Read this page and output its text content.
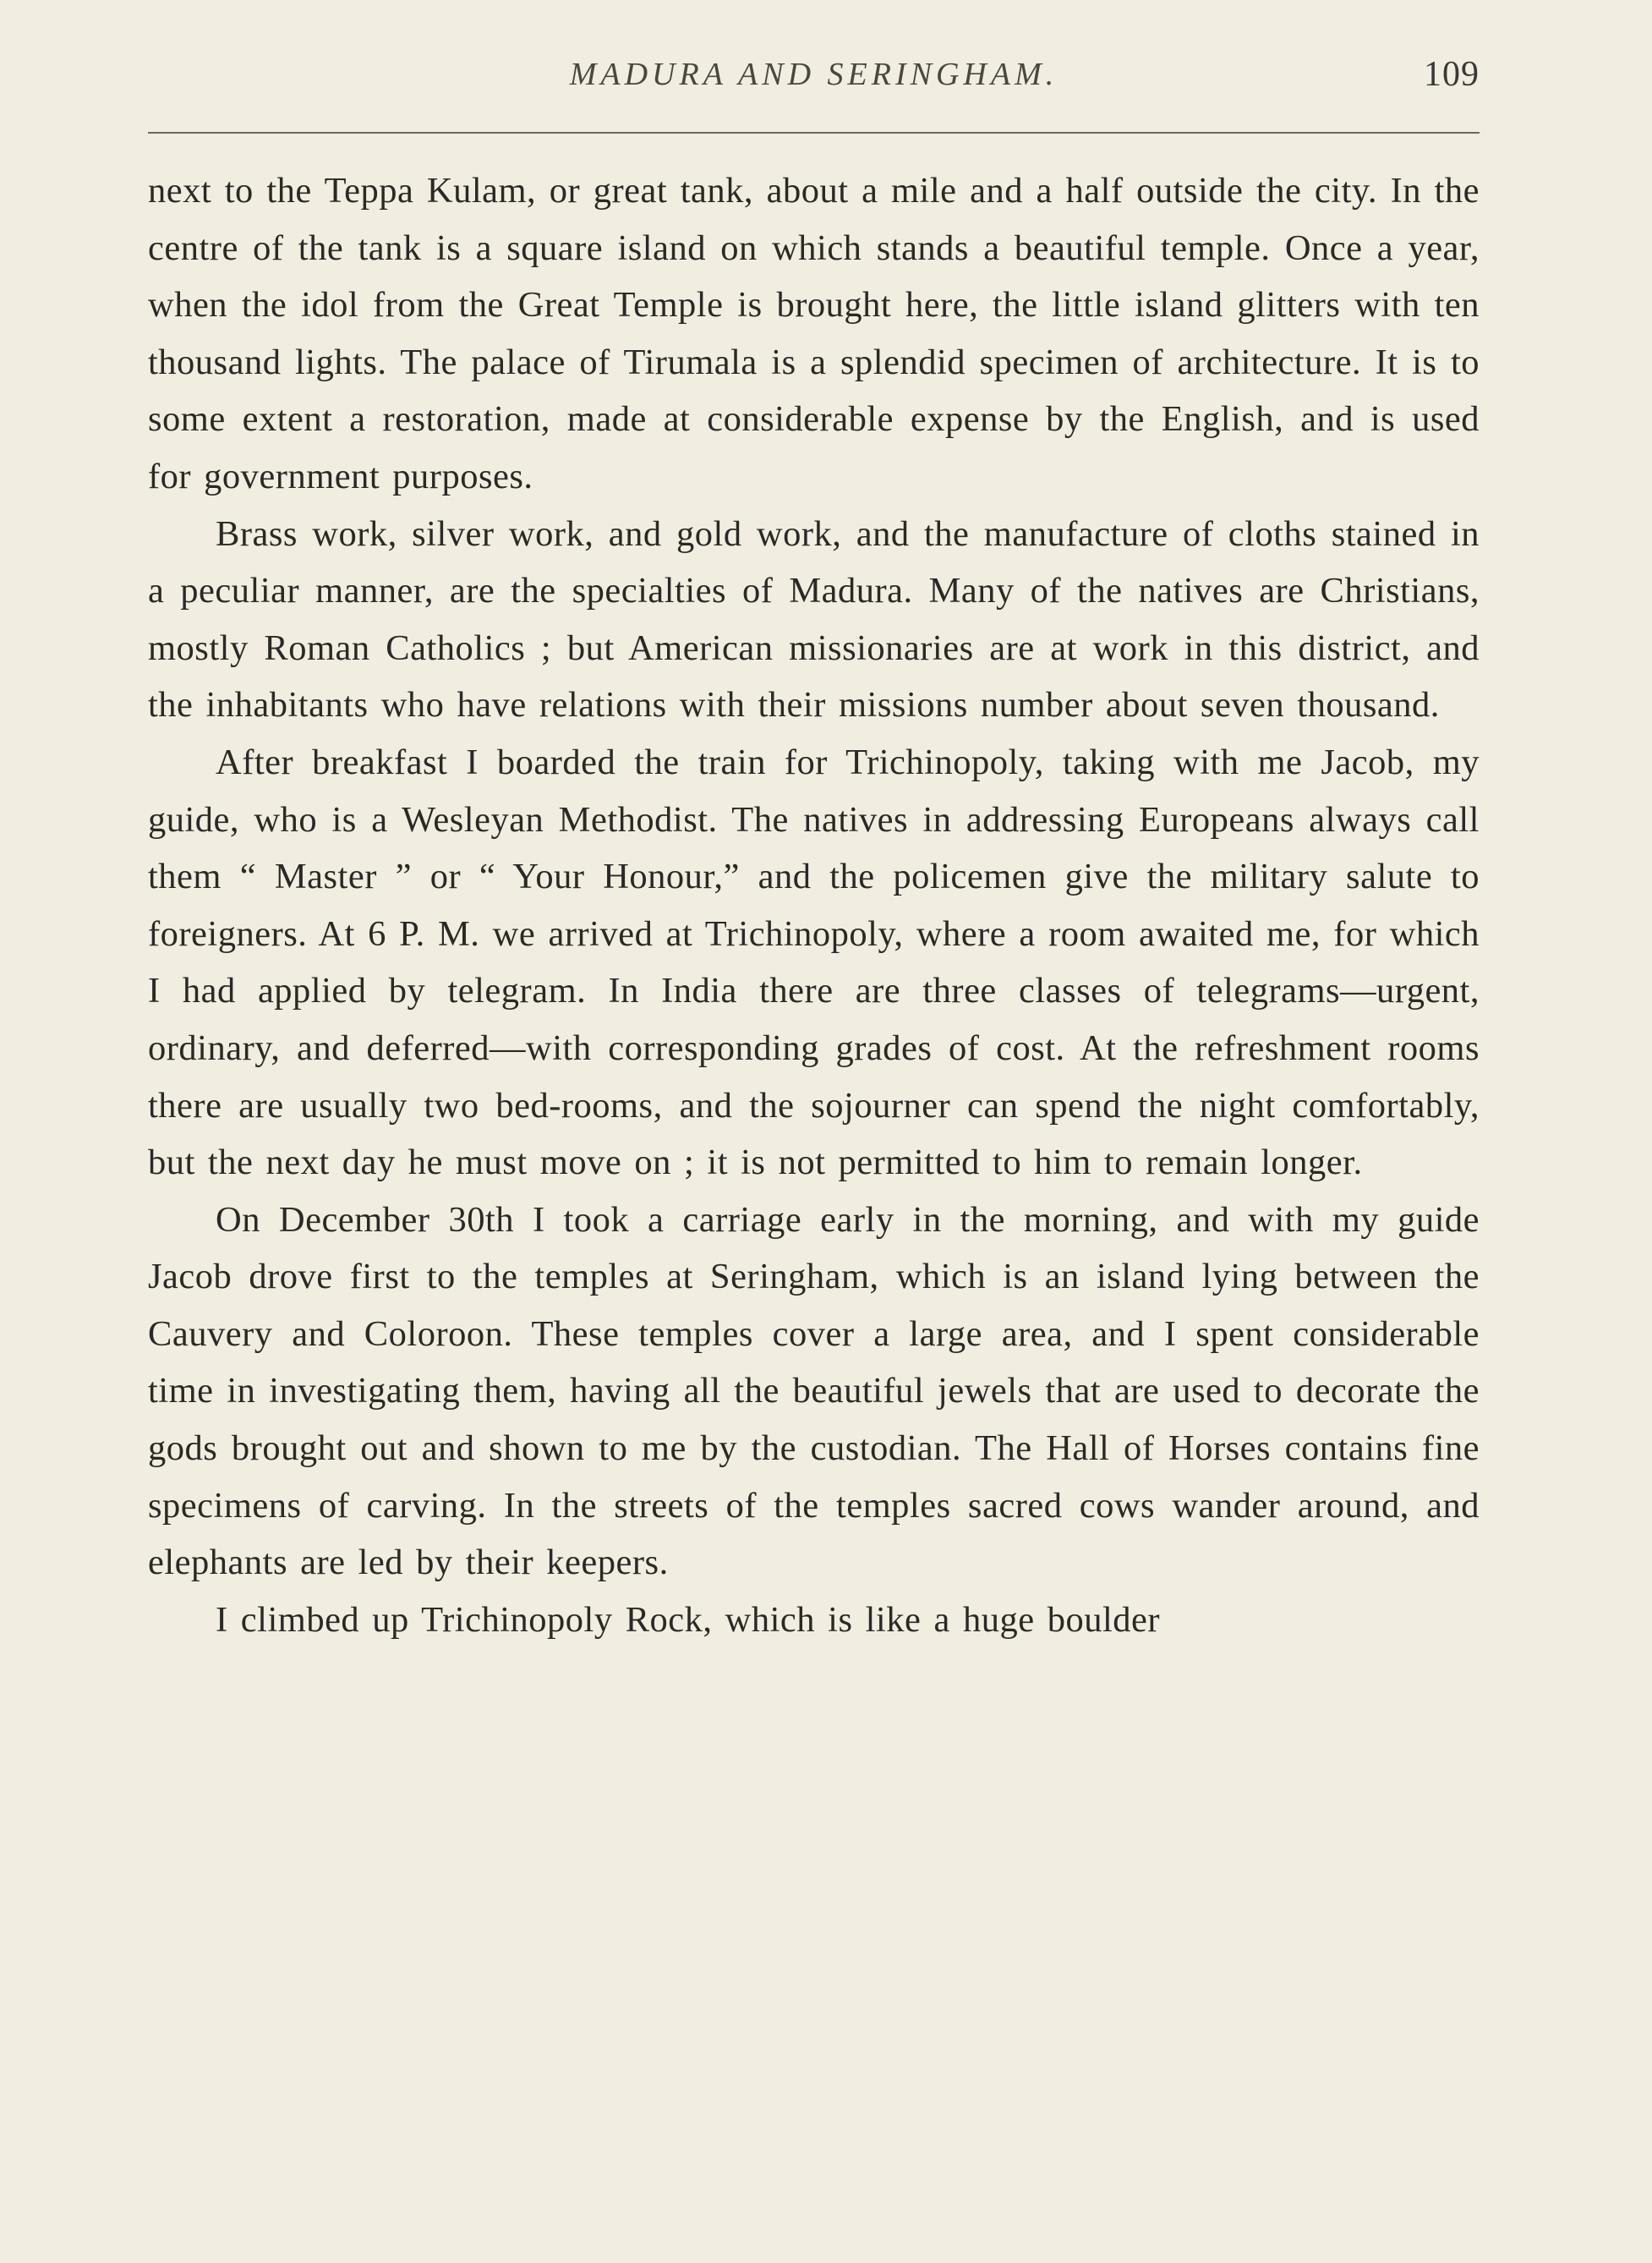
MADURA AND SERINGHAM.	109

next to the Teppa Kulam, or great tank, about a mile and a half outside the city. In the centre of the tank is a square island on which stands a beautiful temple. Once a year, when the idol from the Great Temple is brought here, the little island glitters with ten thousand lights. The palace of Tirumala is a splendid specimen of architecture. It is to some extent a restoration, made at considerable expense by the English, and is used for government purposes.

Brass work, silver work, and gold work, and the manufacture of cloths stained in a peculiar manner, are the specialties of Madura. Many of the natives are Christians, mostly Roman Catholics ; but American missionaries are at work in this district, and the inhabitants who have relations with their missions number about seven thousand.

After breakfast I boarded the train for Trichinopoly, taking with me Jacob, my guide, who is a Wesleyan Methodist. The natives in addressing Europeans always call them “ Master ” or “ Your Honour,” and the policemen give the military salute to foreigners. At 6 P. M. we arrived at Trichinopoly, where a room awaited me, for which I had applied by telegram. In India there are three classes of telegrams—urgent, ordinary, and deferred—with corresponding grades of cost. At the refreshment rooms there are usually two bed-rooms, and the sojourner can spend the night comfortably, but the next day he must move on ; it is not permitted to him to remain longer.

On December 30th I took a carriage early in the morning, and with my guide Jacob drove first to the temples at Seringham, which is an island lying between the Cauvery and Coloroon. These temples cover a large area, and I spent considerable time in investigating them, having all the beautiful jewels that are used to decorate the gods brought out and shown to me by the custodian. The Hall of Horses contains fine specimens of carving. In the streets of the temples sacred cows wander around, and elephants are led by their keepers.

I climbed up Trichinopoly Rock, which is like a huge boulder
